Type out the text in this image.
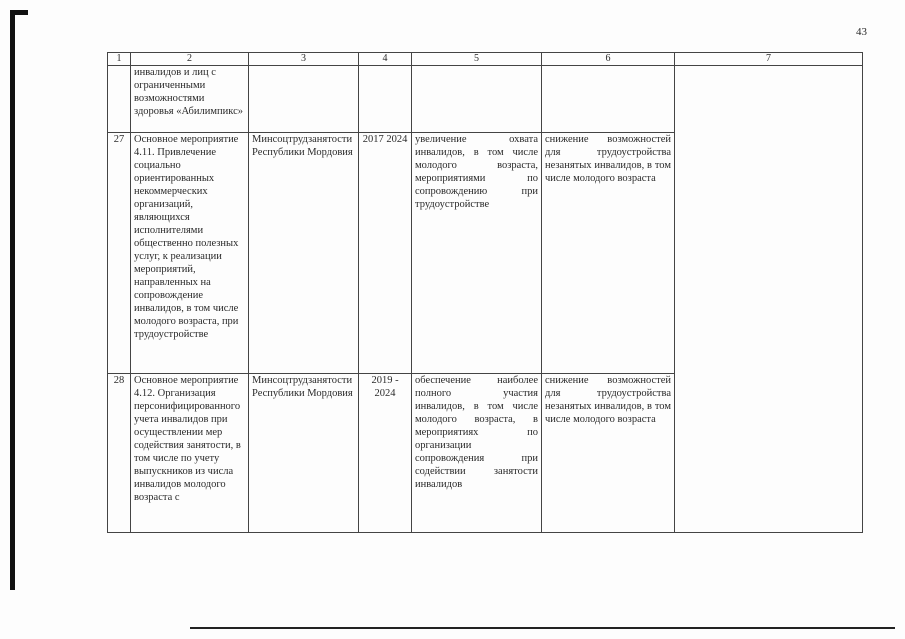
43
1	2	3	4	5	6	7
	инвалидов и лиц с ограниченными возможностями здоровья «Абилимпикс»					
27	Основное мероприятие 4.11. Привлечение социально ориентированных некоммерческих организаций, являющихся исполнителями общественно полезных услуг, к реализации мероприятий, направленных на сопровождение инвалидов, в том числе молодого возраста, при трудоустройстве	Минсоцтрудзанятости Республики Мордовия	2017 2024	увеличение охвата инвалидов, в том числе молодого возраста, мероприятиями по сопровождению при трудоустройстве	снижение возможностей для трудоустройства незанятых инвалидов, в том числе молодого возраста	
28	Основное мероприятие 4.12. Организация персонифицированного учета инвалидов при осуществлении мер содействия занятости, в том числе по учету выпускников из числа инвалидов молодого возраста с	Минсоцтрудзанятости Республики Мордовия	2019 - 2024	обеспечение наиболее полного участия инвалидов, в том числе молодого возраста, в мероприятиях по организации сопровождения при содействии занятости инвалидов	снижение возможностей для трудоустройства незанятых инвалидов, в том числе молодого возраста	
